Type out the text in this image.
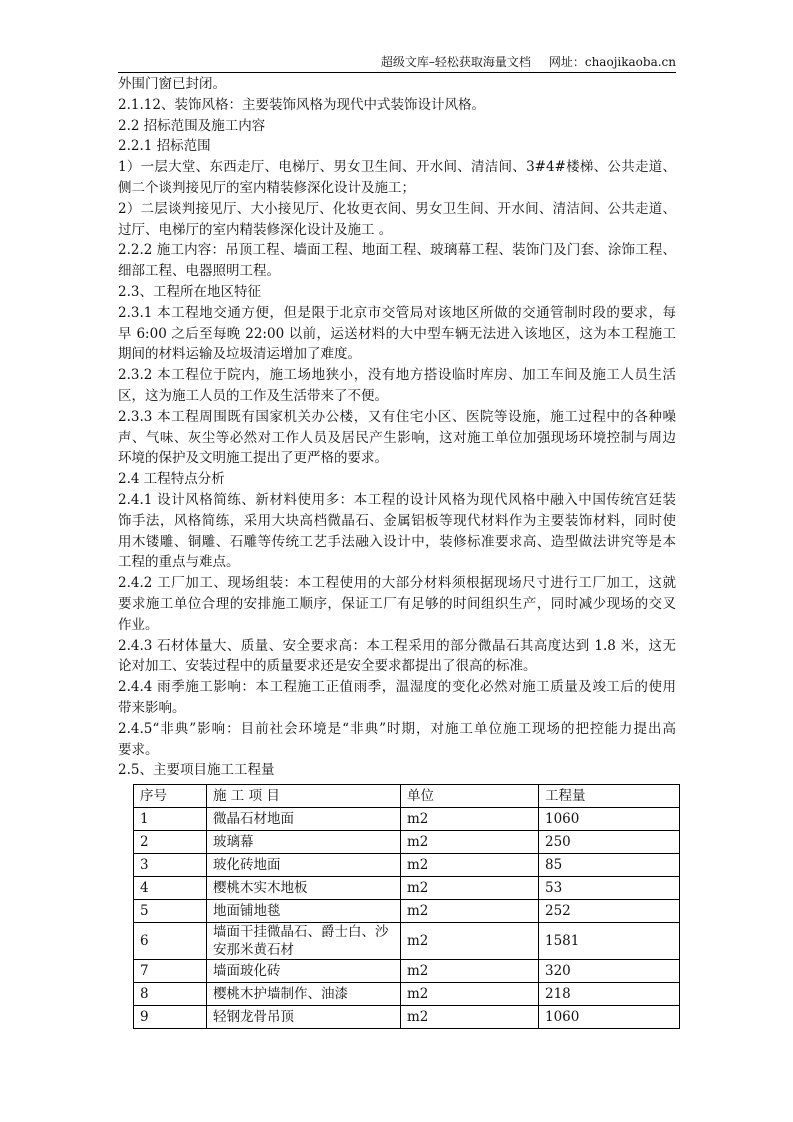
超级文库–轻松获取海量文档 网址：chaojikaoba.cn
外围门窗已封闭。
2.1.12、装饰风格：主要装饰风格为现代中式装饰设计风格。
2.2 招标范围及施工内容
2.2.1 招标范围
1）一层大堂、东西走厅、电梯厅、男女卫生间、开水间、清洁间、3#4#楼梯、公共走道、
侧二个谈判接见厅的室内精装修深化设计及施工；
2）二层谈判接见厅、大小接见厅、化妆更衣间、男女卫生间、开水间、清洁间、公共走道、
过厅、电梯厅的室内精装修深化设计及施工 。
2.2.2 施工内容：吊顶工程、墙面工程、地面工程、玻璃幕工程、装饰门及门套、涂饰工程、
细部工程、电器照明工程。
2.3、工程所在地区特征
2.3.1 本工程地交通方便，但是限于北京市交管局对该地区所做的交通管制时段的要求，每
早 6:00 之后至每晚 22:00 以前，运送材料的大中型车辆无法进入该地区，这为本工程施工
期间的材料运输及垃圾清运增加了难度。
2.3.2 本工程位于院内，施工场地狭小，没有地方搭设临时库房、加工车间及施工人员生活
区，这为施工人员的工作及生活带来了不便。
2.3.3 本工程周围既有国家机关办公楼，又有住宅小区、医院等设施，施工过程中的各种噪
声、气味、灰尘等必然对工作人员及居民产生影响，这对施工单位加强现场环境控制与周边
环境的保护及文明施工提出了更严格的要求。
2.4 工程特点分析
2.4.1 设计风格简练、新材料使用多：本工程的设计风格为现代风格中融入中国传统宫廷装
饰手法，风格简练，采用大块高档微晶石、金属铝板等现代材料作为主要装饰材料，同时使
用木镂雕、铜雕、石雕等传统工艺手法融入设计中，装修标准要求高、造型做法讲究等是本
工程的重点与难点。
2.4.2 工厂加工、现场组装：本工程使用的大部分材料须根据现场尺寸进行工厂加工，这就
要求施工单位合理的安排施工顺序，保证工厂有足够的时间组织生产，同时减少现场的交叉
作业。
2.4.3 石材体量大、质量、安全要求高：本工程采用的部分微晶石其高度达到 1.8 米，这无
论对加工、安装过程中的质量要求还是安全要求都提出了很高的标准。
2.4.4 雨季施工影响：本工程施工正值雨季，温湿度的变化必然对施工质量及竣工后的使用
带来影响。
2.4.5“非典”影响：目前社会环境是“非典”时期，对施工单位施工现场的把控能力提出高
要求。
2.5、主要项目施工工程量
序号	施 工 项 目	单位	工程量
1	微晶石材地面	m2	1060
2	玻璃幕	m2	250
3	玻化砖地面	m2	85
4	樱桃木实木地板	m2	53
5	地面铺地毯	m2	252
6	墙面干挂微晶石、爵士白、沙安那米黄石材	m2	1581
7	墙面玻化砖	m2	320
8	樱桃木护墙制作、油漆	m2	218
9	轻钢龙骨吊顶	m2	1060
